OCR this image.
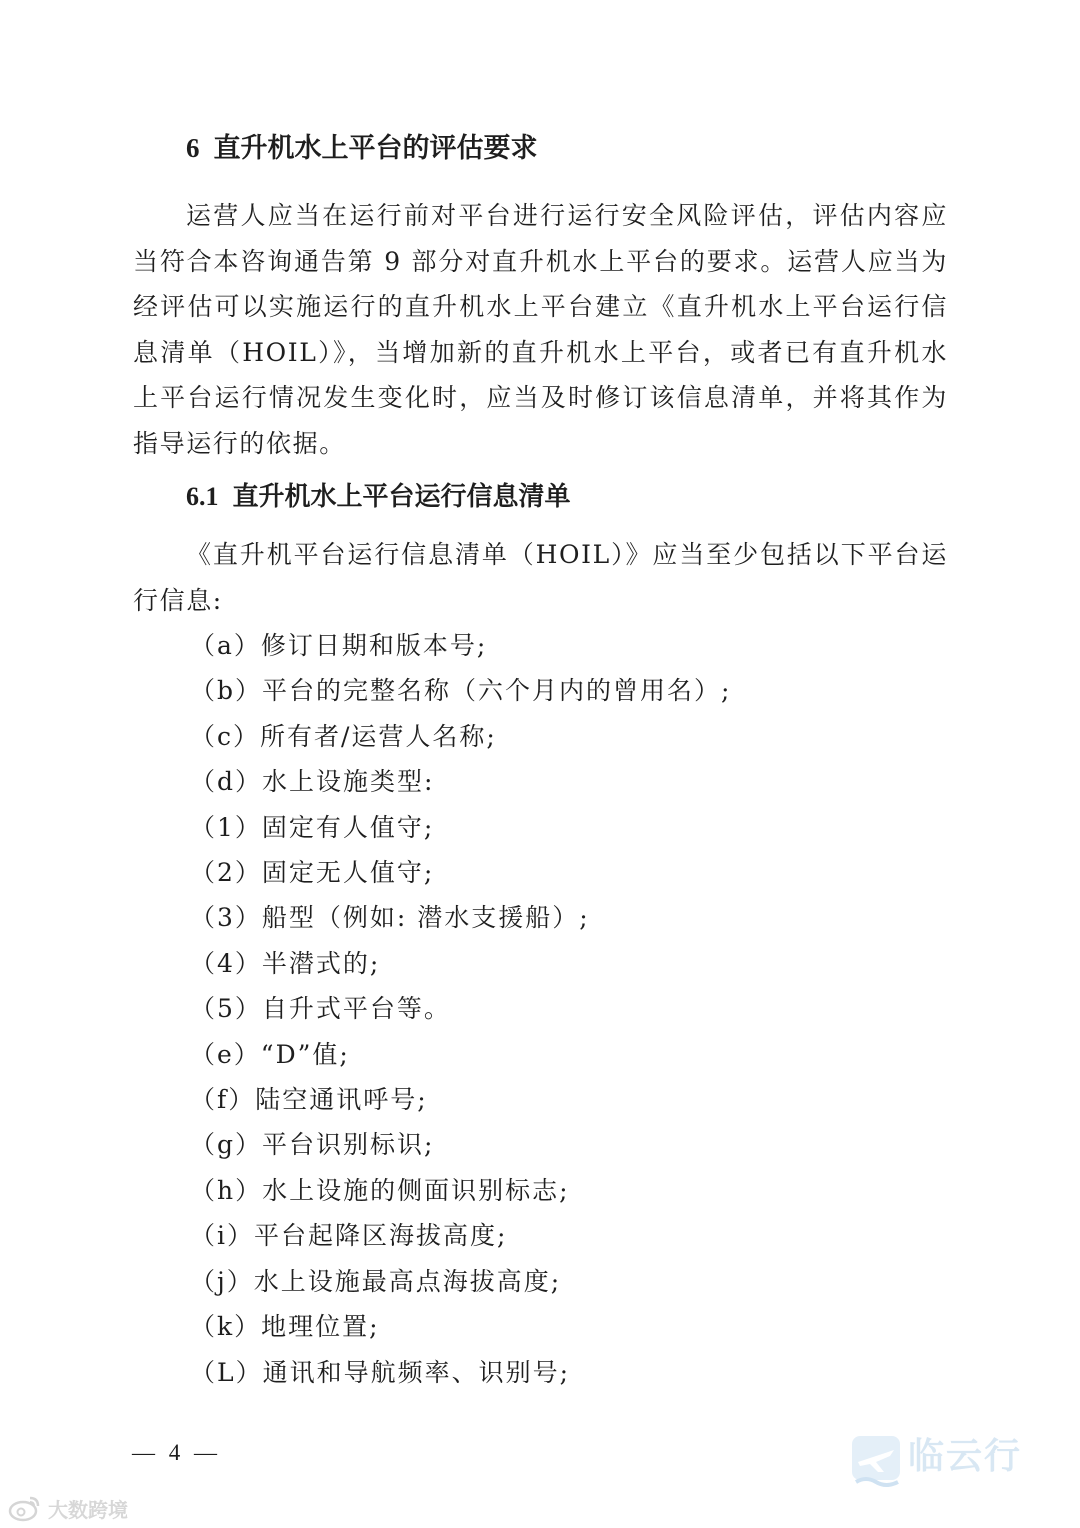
6 直升机水上平台的评估要求
运营人应当在运行前对平台进行运行安全风险评估，评估内容应当符合本咨询通告第 9 部分对直升机水上平台的要求。运营人应当为经评估可以实施运行的直升机水上平台建立《直升机水上平台运行信息清单（HOIL）》，当增加新的直升机水上平台，或者已有直升机水上平台运行情况发生变化时，应当及时修订该信息清单，并将其作为指导运行的依据。
6.1 直升机水上平台运行信息清单
《直升机平台运行信息清单（HOIL）》应当至少包括以下平台运行信息:
（a）修订日期和版本号;
（b）平台的完整名称（六个月内的曾用名）;
（c）所有者/运营人名称;
（d）水上设施类型:
（1）固定有人值守;
（2）固定无人值守;
（3）船型（例如: 潜水支援船）;
（4）半潜式的;
（5）自升式平台等。
（e）“D”值;
（f）陆空通讯呼号;
（g）平台识别标识;
（h）水上设施的侧面识别标志;
（i）平台起降区海拔高度;
（j）水上设施最高点海拔高度;
（k）地理位置;
（L）通讯和导航频率、识别号;
— 4 —
大数跨境
临云行
